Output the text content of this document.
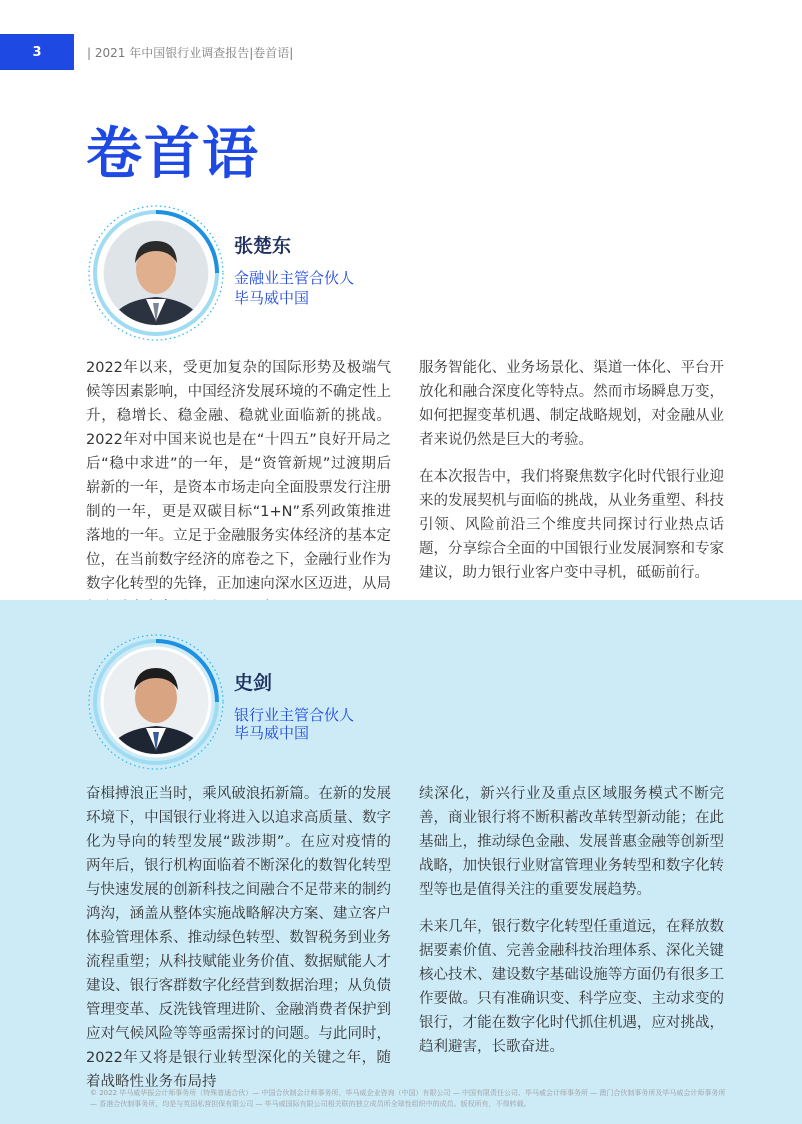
3	| 2021 年中国银行业调查报告|卷首语|
卷首语
张楚东
金融业主管合伙人
毕马威中国

2022年以来，受更加复杂的国际形势及极端气候等因素影响，中国经济发展环境的不确定性上升，稳增长、稳金融、稳就业面临新的挑战。2022年对中国来说也是在“十四五”良好开局之后“稳中求进”的一年，是“资管新规”过渡期后崭新的一年，是资本市场走向全面股票发行注册制的一年，更是双碳目标“1+N”系列政策推进落地的一年。立足于金融服务实体经济的基本定位，在当前数字经济的席卷之下，金融行业作为数字化转型的先锋，正加速向深水区迈进，从局

服务智能化、业务场景化、渠道一体化、平台开放化和融合深度化等特点。然而市场瞬息万变，如何把握变革机遇、制定战略规划，对金融从业者来说仍然是巨大的考验。

在本次报告中，我们将聚焦数字化时代银行业迎来的发展契机与面临的挑战，从业务重塑、科技引领、风险前沿三个维度共同探讨行业热点话题，分享综合全面的中国银行业发展洞察和专家建议，助力银行业客户变中寻机，砥砺前行。

史剑
银行业主管合伙人
毕马威中国

奋楫搏浪正当时，乘风破浪拓新篇。在新的发展环境下，中国银行业将进入以追求高质量、数字化为导向的转型发展“跋涉期”。在应对疫情的两年后，银行机构面临着不断深化的数智化转型与快速发展的创新科技之间融合不足带来的制约鸿沟，涵盖从整体实施战略解决方案、建立客户体验管理体系、推动绿色转型、数智税务到业务流程重塑；从科技赋能业务价值、数据赋能人才建设、银行客群数字化经营到数据治理；从负债管理变革、反洗钱管理进阶、金融消费者保护到应对气候风险等等亟需探讨的问题。与此同时，2022年又将是银行业转型深化的关键之年，随着战略性业务布局持

续深化，新兴行业及重点区域服务模式不断完善，商业银行将不断积蓄改革转型新动能；在此基础上，推动绿色金融、发展普惠金融等创新型战略，加快银行业财富管理业务转型和数字化转型等也是值得关注的重要发展趋势。

未来几年，银行数字化转型任重道远，在释放数据要素价值、完善金融科技治理体系、深化关键核心技术、建设数字基础设施等方面仍有很多工作要做。只有准确识变、科学应变、主动求变的银行，才能在数字化时代抓住机遇，应对挑战，趋利避害，长歌奋进。

© 2022 毕马威华振会计师事务所（特殊普通合伙）— 中国合伙制会计师事务所、毕马威企业咨询（中国）有限公司 — 中国有限责任公司、毕马威会计师事务所 — 澳门合伙制事务所及毕马威会计师事务所 — 香港合伙制事务所，均是与英国私营担保有限公司 — 毕马威国际有限公司相关联的独立成员所全球性组织中的成员。版权所有，不得转载。
